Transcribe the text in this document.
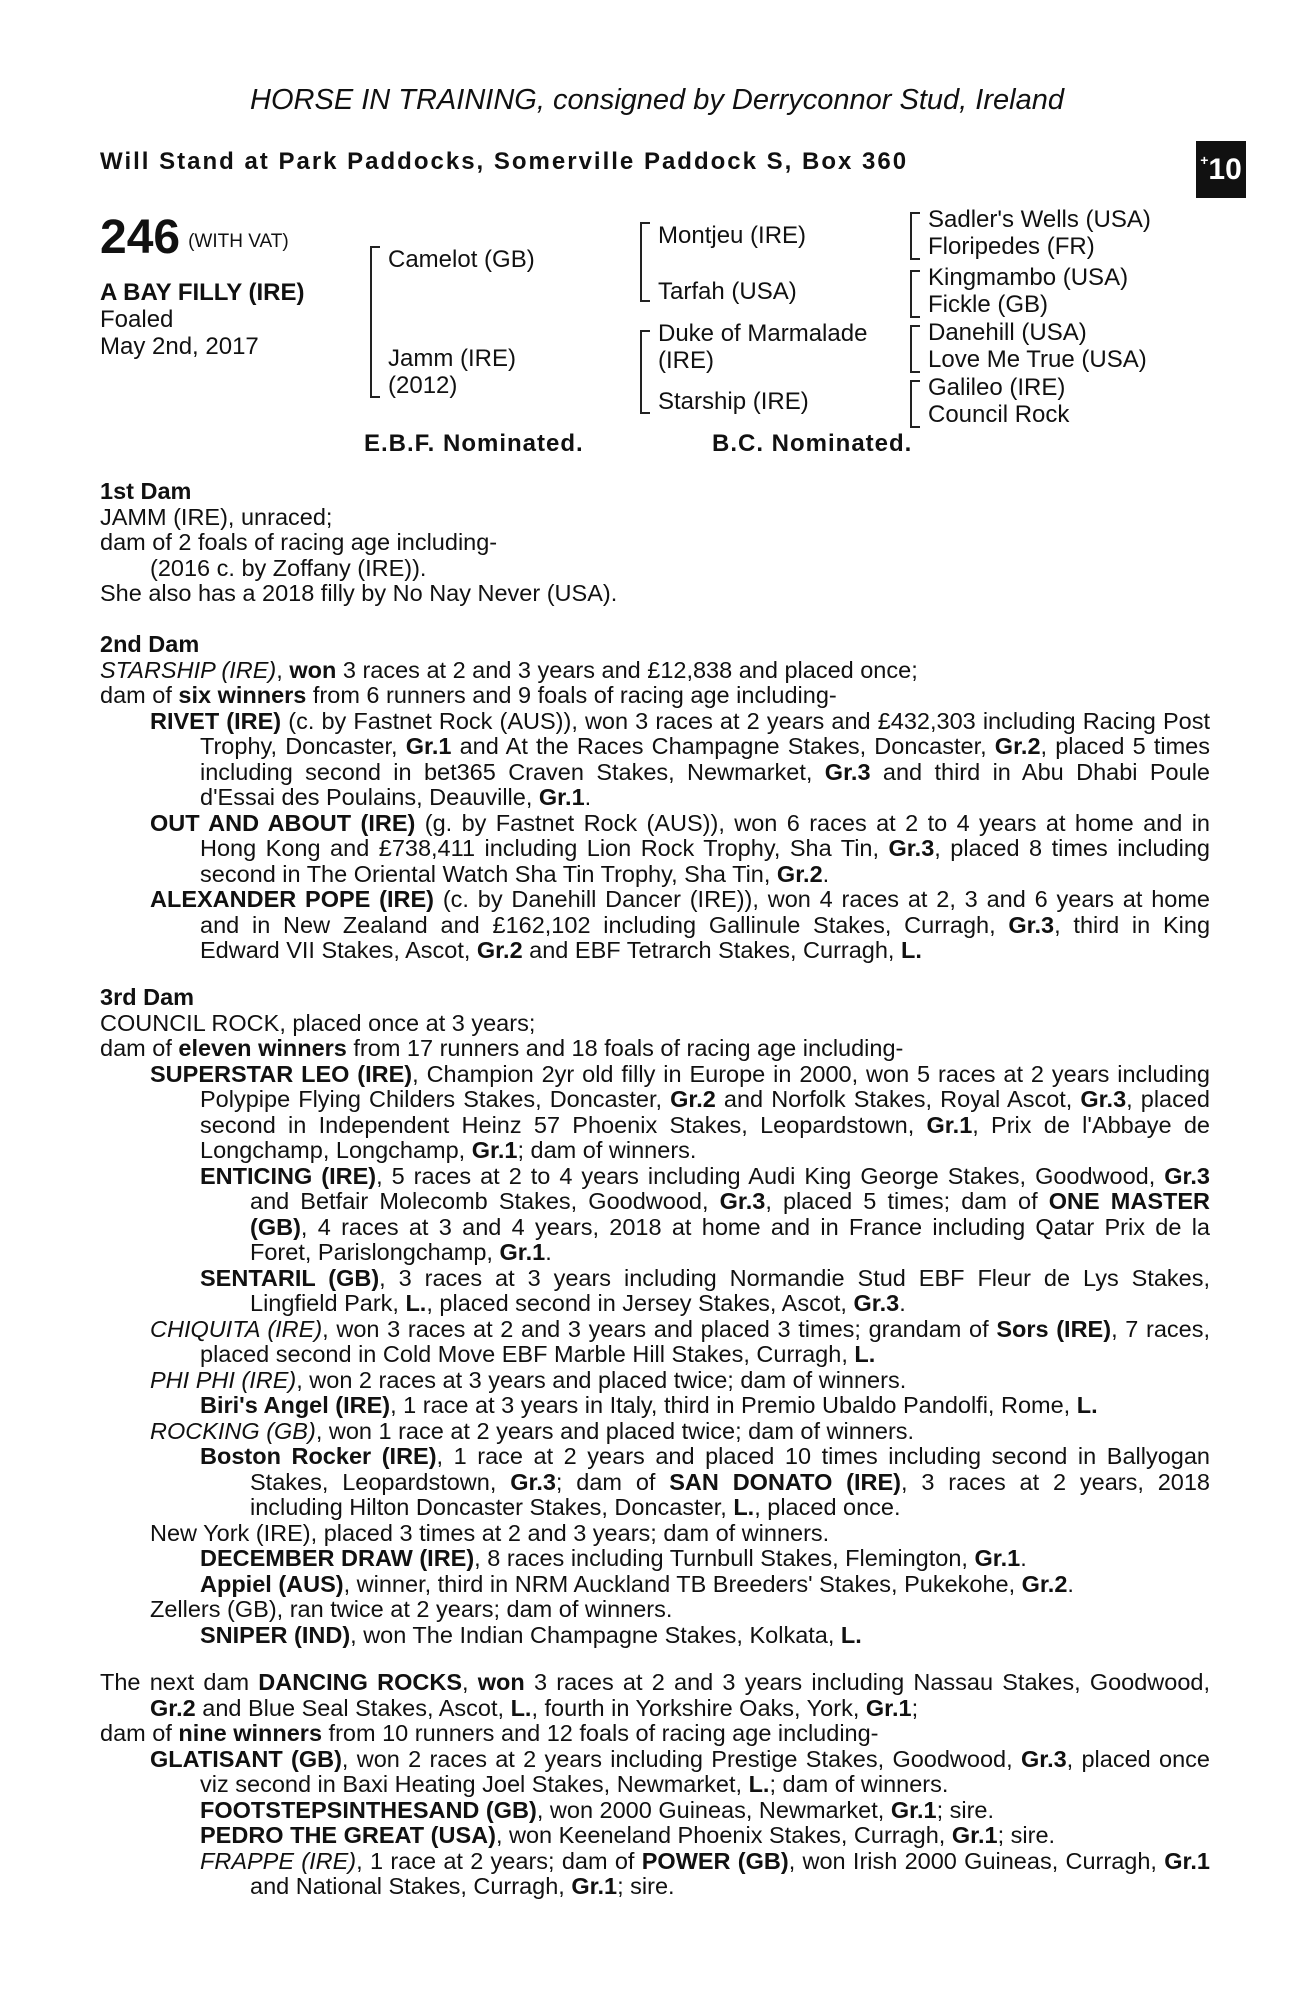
HORSE IN TRAINING, consigned by Derryconnor Stud, Ireland
Will Stand at Park Paddocks, Somerville Paddock S, Box 360	+ 10
246 (WITH VAT)
A BAY FILLY (IRE)
Foaled
May 2nd, 2017
Camelot (GB)
Jamm (IRE)
(2012)
Montjeu (IRE)
Tarfah (USA)
Duke of Marmalade
(IRE)
Starship (IRE)
Sadler's Wells (USA)
Floripedes (FR)
Kingmambo (USA)
Fickle (GB)
Danehill (USA)
Love Me True (USA)
Galileo (IRE)
Council Rock
E.B.F. Nominated.	B.C. Nominated.

1st Dam

JAMM (IRE), unraced;

dam of 2 foals of racing age including-

(2016 c. by Zoffany (IRE)).

She also has a 2018 filly by No Nay Never (USA).

2nd Dam

STARSHIP (IRE), won 3 races at 2 and 3 years and £12,838 and placed once;

dam of six winners from 6 runners and 9 foals of racing age including-

RIVET (IRE) (c. by Fastnet Rock (AUS)), won 3 races at 2 years and £432,303 including Racing Post Trophy, Doncaster, Gr.1 and At the Races Champagne Stakes, Doncaster, Gr.2, placed 5 times including second in bet365 Craven Stakes, Newmarket, Gr.3 and third in Abu Dhabi Poule d'Essai des Poulains, Deauville, Gr.1.

OUT AND ABOUT (IRE) (g. by Fastnet Rock (AUS)), won 6 races at 2 to 4 years at home and in Hong Kong and £738,411 including Lion Rock Trophy, Sha Tin, Gr.3, placed 8 times including second in The Oriental Watch Sha Tin Trophy, Sha Tin, Gr.2.

ALEXANDER POPE (IRE) (c. by Danehill Dancer (IRE)), won 4 races at 2, 3 and 6 years at home and in New Zealand and £162,102 including Gallinule Stakes, Curragh, Gr.3, third in King Edward VII Stakes, Ascot, Gr.2 and EBF Tetrarch Stakes, Curragh, L.

3rd Dam

COUNCIL ROCK, placed once at 3 years;

dam of eleven winners from 17 runners and 18 foals of racing age including-

SUPERSTAR LEO (IRE), Champion 2yr old filly in Europe in 2000, won 5 races at 2 years including Polypipe Flying Childers Stakes, Doncaster, Gr.2 and Norfolk Stakes, Royal Ascot, Gr.3, placed second in Independent Heinz 57 Phoenix Stakes, Leopardstown, Gr.1, Prix de l'Abbaye de Longchamp, Longchamp, Gr.1; dam of winners.

ENTICING (IRE), 5 races at 2 to 4 years including Audi King George Stakes, Goodwood, Gr.3 and Betfair Molecomb Stakes, Goodwood, Gr.3, placed 5 times; dam of ONE MASTER (GB), 4 races at 3 and 4 years, 2018 at home and in France including Qatar Prix de la Foret, Parislongchamp, Gr.1.

SENTARIL (GB), 3 races at 3 years including Normandie Stud EBF Fleur de Lys Stakes, Lingfield Park, L., placed second in Jersey Stakes, Ascot, Gr.3.

CHIQUITA (IRE), won 3 races at 2 and 3 years and placed 3 times; grandam of Sors (IRE), 7 races, placed second in Cold Move EBF Marble Hill Stakes, Curragh, L.

PHI PHI (IRE), won 2 races at 3 years and placed twice; dam of winners.

Biri's Angel (IRE), 1 race at 3 years in Italy, third in Premio Ubaldo Pandolfi, Rome, L.

ROCKING (GB), won 1 race at 2 years and placed twice; dam of winners.

Boston Rocker (IRE), 1 race at 2 years and placed 10 times including second in Ballyogan Stakes, Leopardstown, Gr.3; dam of SAN DONATO (IRE), 3 races at 2 years, 2018 including Hilton Doncaster Stakes, Doncaster, L., placed once.

New York (IRE), placed 3 times at 2 and 3 years; dam of winners.

DECEMBER DRAW (IRE), 8 races including Turnbull Stakes, Flemington, Gr.1.

Appiel (AUS), winner, third in NRM Auckland TB Breeders' Stakes, Pukekohe, Gr.2.

Zellers (GB), ran twice at 2 years; dam of winners.

SNIPER (IND), won The Indian Champagne Stakes, Kolkata, L.

The next dam DANCING ROCKS, won 3 races at 2 and 3 years including Nassau Stakes, Goodwood, Gr.2 and Blue Seal Stakes, Ascot, L., fourth in Yorkshire Oaks, York, Gr.1;

dam of nine winners from 10 runners and 12 foals of racing age including-

GLATISANT (GB), won 2 races at 2 years including Prestige Stakes, Goodwood, Gr.3, placed once viz second in Baxi Heating Joel Stakes, Newmarket, L.; dam of winners.

FOOTSTEPSINTHESAND (GB), won 2000 Guineas, Newmarket, Gr.1; sire.

PEDRO THE GREAT (USA), won Keeneland Phoenix Stakes, Curragh, Gr.1; sire.

FRAPPE (IRE), 1 race at 2 years; dam of POWER (GB), won Irish 2000 Guineas, Curragh, Gr.1 and National Stakes, Curragh, Gr.1; sire.
